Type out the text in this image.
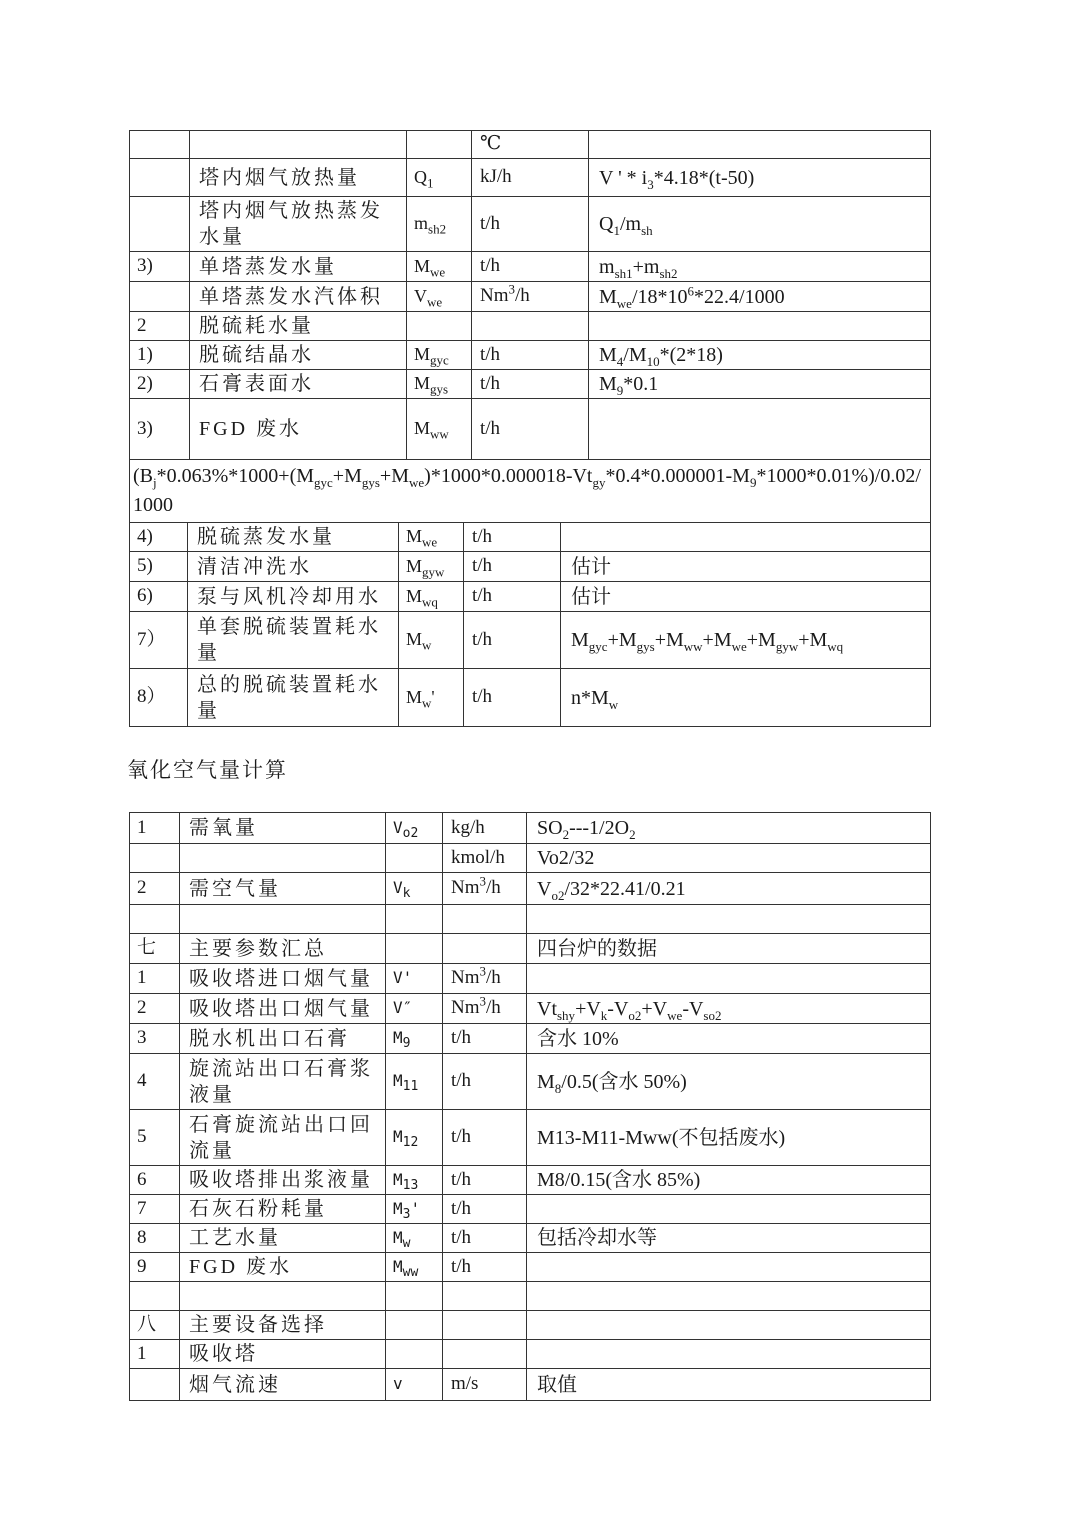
			℃	
	塔内烟气放热量	$Q_1$	kJ/h	V ' * $i_3*4.18*(t-50)$
	塔内烟气放热蒸发水量	$m_{sh2}$	t/h	$Q_1/m_{sh}$
3)	单塔蒸发水量	$M_{we}$	t/h	$m_{sh1}+m_{sh2}$
	单塔蒸发水汽体积	$V_{we}$	Nm$^3$/h	$M_{we}/18*10^6*22.4/1000$
2	脱硫耗水量			
1)	脱硫结晶水	$M_{gyc}$	t/h	$M_4/M_{10}*(2*18)$
2)	石膏表面水	$M_{gys}$	t/h	$M_9*0.1$
3)	FGD 废水	$M_{ww}$	t/h	
$(B_j*0.063\%*1000+(M_{gyc}+M_{gys}+M_{we})*1000*0.000018-Vt_{gy}*0.4*0.000001-M_9*1000*0.01\%)/0.02/1000$				
4)	脱硫蒸发水量	$M_{we}$	t/h	
5)	清洁冲洗水	$M_{gyw}$	t/h	估计
6)	泵与风机冷却用水	$M_{wq}$	t/h	估计
7）	单套脱硫装置耗水量	$M_w$	t/h	$M_{gyc}+M_{gys}+M_{ww}+M_{we}+M_{gyw}+M_{wq}$
8）	总的脱硫装置耗水量	$M_w'$	t/h	$n*M_w$
氧化空气量计算
1	需氧量	$V_{o2}$	kg/h	$SO_2---1/2O_2$
			kmol/h	Vo2/32
2	需空气量	$V_k$	Nm$^3$/h	$V_{o2}/32*22.41/0.21$

七	主要参数汇总			四台炉的数据
1	吸收塔进口烟气量	V'	Nm$^3$/h	
2	吸收塔出口烟气量	V″	Nm$^3$/h	$Vt_{shy}+V_k-V_{o2}+V_{we}-V_{so2}$
3	脱水机出口石膏	$M_9$	t/h	含水 10%
4	旋流站出口石膏浆液量	$M_{11}$	t/h	$M_8/0.5$(含水 50%)
5	石膏旋流站出口回流量	$M_{12}$	t/h	M13-M11-Mww(不包括废水)
6	吸收塔排出浆液量	$M_{13}$	t/h	M8/0.15(含水 85%)
7	石灰石粉耗量	$M_3'$	t/h	
8	工艺水量	$M_w$	t/h	包括冷却水等
9	FGD 废水	$M_{ww}$	t/h	

八	主要设备选择			
1	吸收塔			
	烟气流速	v	m/s	取值
